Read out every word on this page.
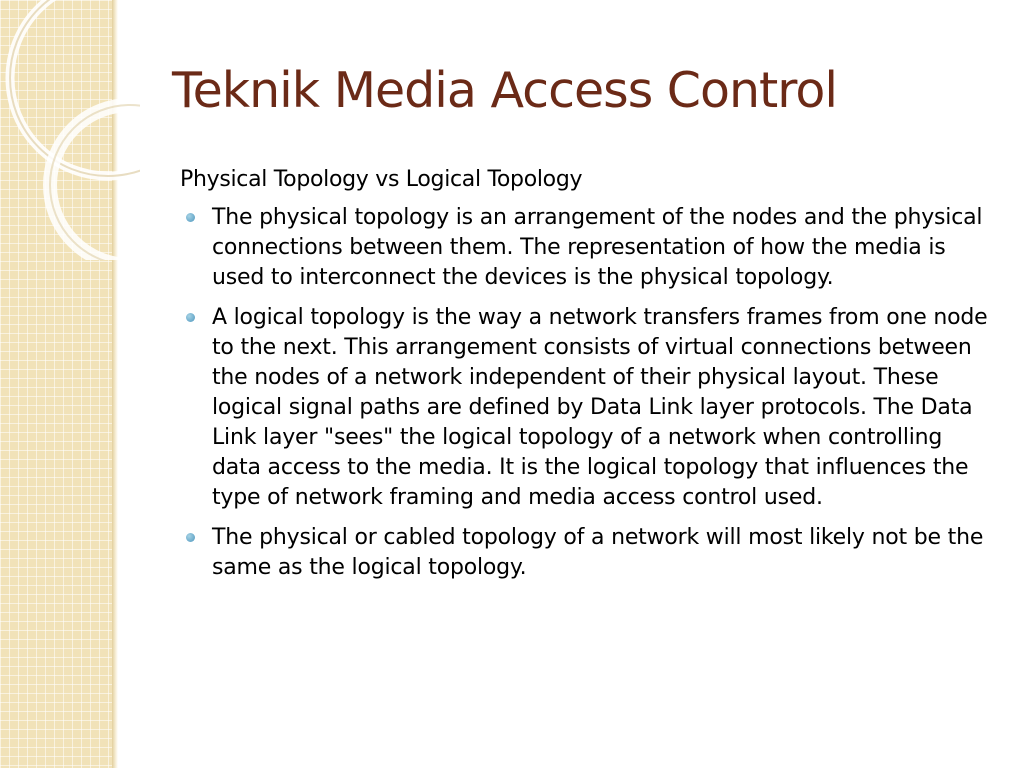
Teknik Media Access Control

Physical Topology vs Logical Topology

The physical topology is an arrangement of the nodes and the physical connections between them. The representation of how the media is used to interconnect the devices is the physical topology.
A logical topology is the way a network transfers frames from one node to the next. This arrangement consists of virtual connections between the nodes of a network independent of their physical layout. These logical signal paths are defined by Data Link layer protocols. The Data Link layer "sees" the logical topology of a network when controlling data access to the media. It is the logical topology that influences the type of network framing and media access control used.
The physical or cabled topology of a network will most likely not be the same as the logical topology.
